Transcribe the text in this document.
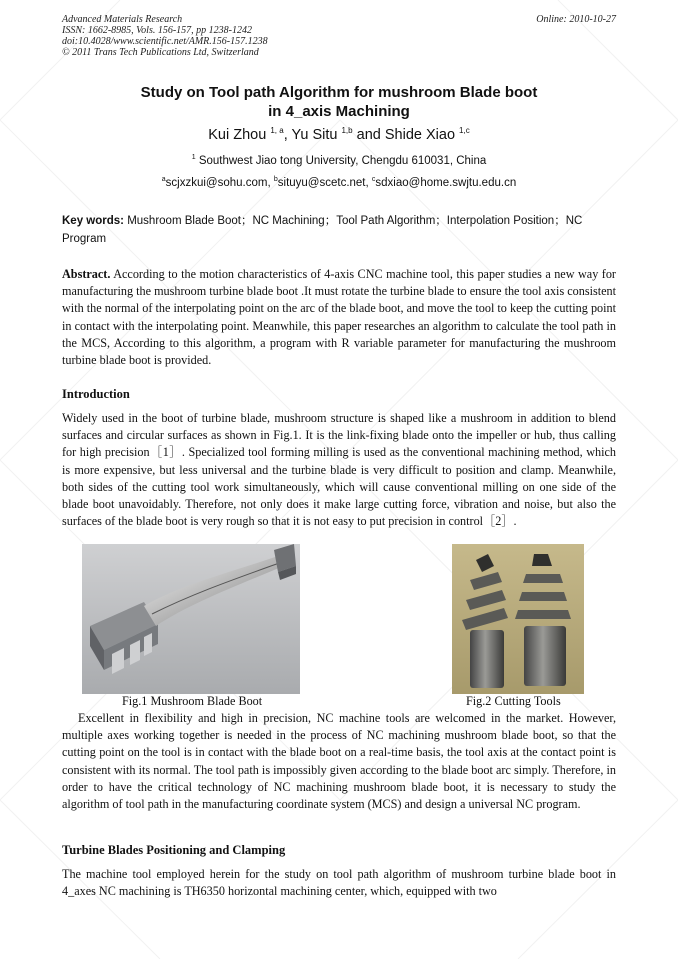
Advanced Materials Research
ISSN: 1662-8985, Vols. 156-157, pp 1238-1242
doi:10.4028/www.scientific.net/AMR.156-157.1238
© 2011 Trans Tech Publications Ltd, Switzerland
Online: 2010-10-27
Study on Tool path Algorithm for mushroom Blade boot
in 4_axis Machining
Kui Zhou $^{1, a}$, Yu Situ $^{1,b}$ and Shide Xiao $^{1,c}$
$^1$ Southwest Jiao tong University, Chengdu 610031, China
$^a$scjxzkui@sohu.com, $^b$situyu@scetc.net, $^c$sdxiao@home.swjtu.edu.cn
Key words: Mushroom Blade Boot；NC Machining；Tool Path Algorithm；Interpolation Position；NC Program
Abstract. According to the motion characteristics of 4-axis CNC machine tool, this paper studies a new way for manufacturing the mushroom turbine blade boot .It must rotate the turbine blade to ensure the tool axis consistent with the normal of the interpolating point on the arc of the blade boot, and move the tool to keep the cutting point in contact with the interpolating point. Meanwhile, this paper researches an algorithm to calculate the tool path in the MCS, According to this algorithm, a program with R variable parameter for manufacturing the mushroom turbine blade boot is provided.
Introduction
Widely used in the boot of turbine blade, mushroom structure is shaped like a mushroom in addition to blend surfaces and circular surfaces as shown in Fig.1. It is the link-fixing blade onto the impeller or hub, thus calling for high precision［1］. Specialized tool forming milling is used as the conventional machining method, which is more expensive, but less universal and the turbine blade is very difficult to position and clamp. Meanwhile, both sides of the cutting tool work simultaneously, which will cause conventional milling on one side of the blade boot unavoidably. Therefore, not only does it make large cutting force, vibration and noise, but also the surfaces of the blade boot is very rough so that it is not easy to put precision in control［2］.
Fig.1 Mushroom Blade Boot	Fig.2 Cutting Tools
Excellent in flexibility and high in precision, NC machine tools are welcomed in the market. However, multiple axes working together is needed in the process of NC machining mushroom blade boot, so that the cutting point on the tool is in contact with the blade boot on a real-time basis, the tool axis at the contact point is consistent with its normal. The tool path is impossibly given according to the blade boot arc simply. Therefore, in order to have the critical technology of NC machining mushroom blade boot, it is necessary to study the algorithm of tool path in the manufacturing coordinate system (MCS) and design a universal NC program.
Turbine Blades Positioning and Clamping
The machine tool employed herein for the study on tool path algorithm of mushroom turbine blade boot in 4_axes NC machining is TH6350 horizontal machining center, which, equipped with two
